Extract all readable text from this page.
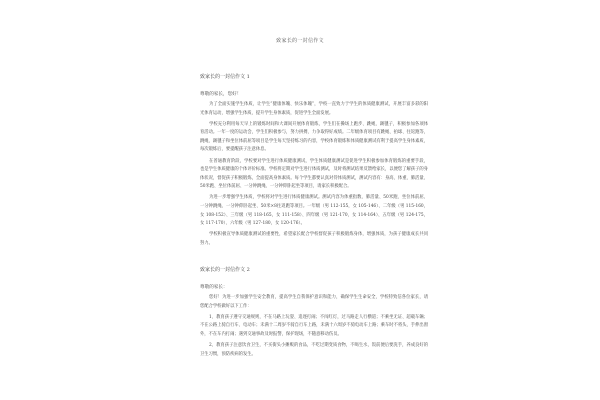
致家长的一封信作文
致家长的一封信作文 1
尊敬的家长，您好！

为了全面实施学生体质，让学生“健康体魄、快乐体魄”，学校一直致力于学生的体质健康测试，开展丰富多彩的阳光体育运动，增强学生体质，提升学生身体素质，促进学生全面发展。

学校充分利用每天早上的锻炼时间和大课间开展体育锻炼，学生们在操场上跑步、跳绳、踢毽子，积极参加各项体育活动。一年一度的运动会，学生们积极参与，努力拼搏，力争取得好成绩。二年级体育项目有跳绳、拍球、往返跑等，跳绳、踢毽子和坐位体前屈等项目是学生每天坚持练习的内容，学校体育锻炼和体质健康测试有利于提高学生身体素质，每次锻炼后，要提醒孩子注意休息。

在普通教育阶段，学校要对学生进行体质健康测试，学生体质健康测试是促进学生积极参加体育锻炼的重要手段，也是学生体质健康的个体评价标准。学校将定期对学生进行体质测试，及时将测试结果反馈给家长，以便您了解孩子的身体状况，督促孩子积极锻炼，全面提高身体素质。每个学生都要认真对待体质测试，测试内容有：身高、体重、肺活量、50米跑、坐位体前屈、一分钟跳绳、一分钟仰卧起坐等项目，请家长积极配合。

为进一步增强学生体质，学校将对学生进行体质健康测试。测试内容为体重指数、肺活量、50米跑、坐位体前屈、一分钟跳绳、一分钟仰卧起坐、50米×8往返跑等项目。一年级（男 112-155，女 105-146）、二年级（男 115-160，女 108-152）、三年级（男 118-165，女 111-158）、四年级（男 121-170，女 114-164）、五年级（男 124-175，女 117-170）、六年级（男 127-180，女 120-176）。

学校积极宣导体质健康测试的重要性，希望家长配合学校督促孩子积极锻炼身体，增强体质，为孩子健康成长共同努力。

致家长的一封信作文 2
尊敬的家长：

您好！为进一步加强学生安全教育，提高学生自我保护意识和能力，确保学生生命安全，学校特致信各位家长，请您配合学校做好以下工作：

1、教育孩子遵守交通规则，不在马路上玩耍、追逐打闹；不闯红灯，过马路走人行横道；不乘坐无证、超载车辆；不在公路上骑自行车、电动车；未满十二周岁不骑自行车上路，未满十六周岁不骑电动车上路；乘车时不将头、手伸出窗外，不在车内打闹；遇到交通事故及时报警，保护现场，不随意移动伤员。

2、教育孩子注意饮食卫生，不买街头小摊贩的食品，不吃过期变质食物，不喝生水，饭前便后要洗手，养成良好的卫生习惯，预防疾病的发生。
